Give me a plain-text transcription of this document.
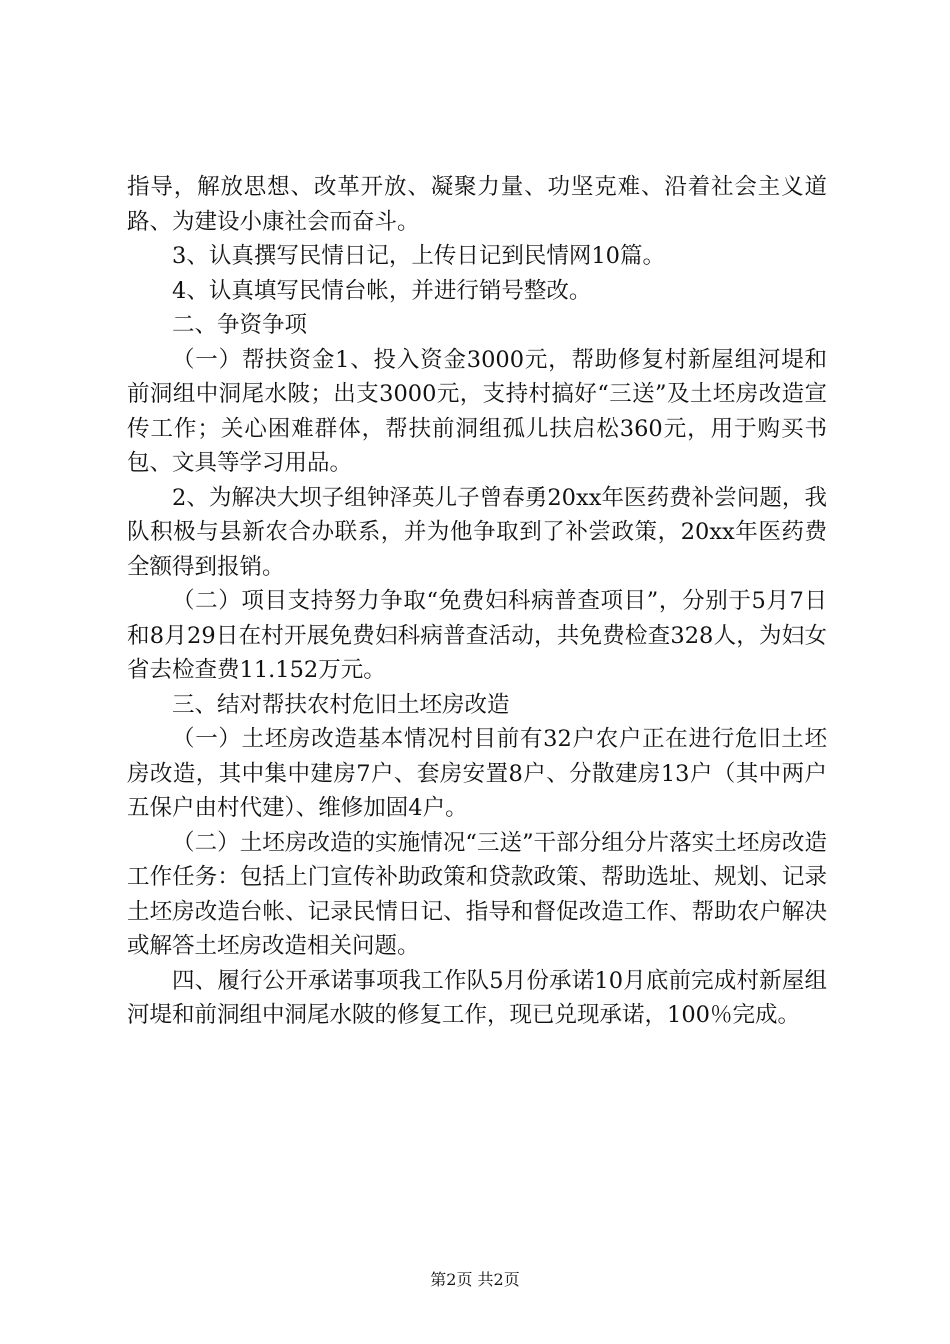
指导，解放思想、改革开放、凝聚力量、功坚克难、沿着社会主义道路、为建设小康社会而奋斗。

3、认真撰写民情日记，上传日记到民情网10篇。

4、认真填写民情台帐，并进行销号整改。

二、争资争项

（一）帮扶资金1、投入资金3000元，帮助修复村新屋组河堤和前洞组中洞尾水陂；出支3000元，支持村搞好“三送”及土坯房改造宣传工作；关心困难群体，帮扶前洞组孤儿扶启松360元，用于购买书包、文具等学习用品。

2、为解决大坝子组钟泽英儿子曾春勇20xx年医药费补尝问题，我队积极与县新农合办联系，并为他争取到了补尝政策，20xx年医药费全额得到报销。

（二）项目支持努力争取“免费妇科病普查项目”，分别于5月7日和8月29日在村开展免费妇科病普查活动，共免费检查328人，为妇女省去检查费11.152万元。

三、结对帮扶农村危旧土坯房改造

（一）土坯房改造基本情况村目前有32户农户正在进行危旧土坯房改造，其中集中建房7户、套房安置8户、分散建房13户（其中两户五保户由村代建）、维修加固4户。

（二）土坯房改造的实施情况“三送”干部分组分片落实土坯房改造工作任务：包括上门宣传补助政策和贷款政策、帮助选址、规划、记录土坯房改造台帐、记录民情日记、指导和督促改造工作、帮助农户解决或解答土坯房改造相关问题。

四、履行公开承诺事项我工作队5月份承诺10月底前完成村新屋组河堤和前洞组中洞尾水陂的修复工作，现已兑现承诺，100％完成。

第2页 共2页
